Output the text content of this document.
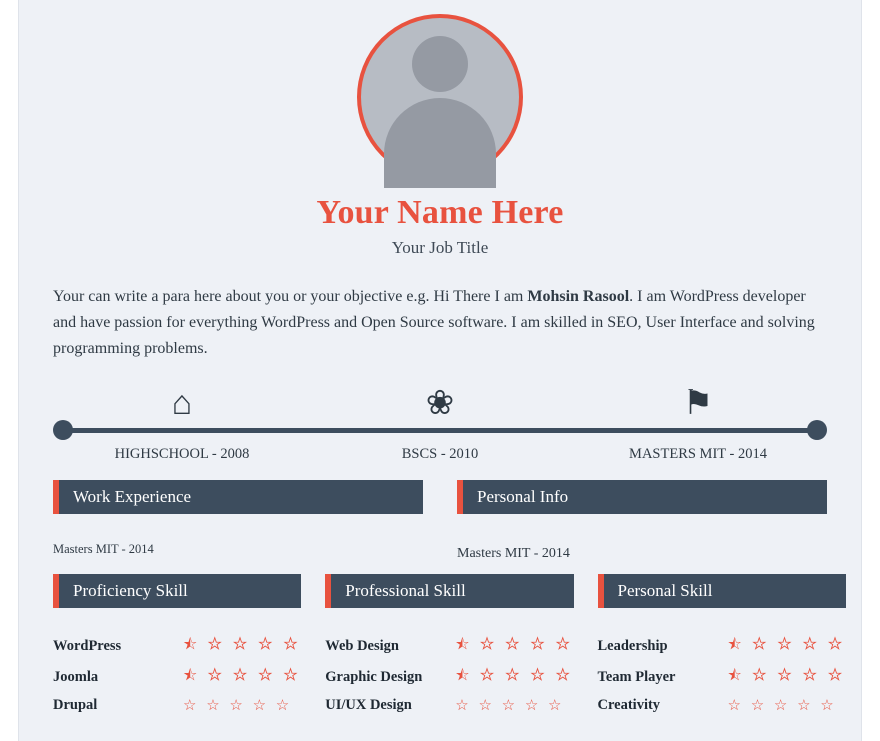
Your Name Here
Your Job Title

Your can write a para here about you or your objective e.g. Hi There I am Mohsin Rasool. I am WordPress developer and have passion for everything WordPress and Open Source software. I am skilled in SEO, User Interface and solving programming problems.

⌂
HIGHSCHOOL - 2008
❀
BSCS - 2010
⚑
MASTERS MIT - 2014
Work Experience
Masters MIT - 2014
Personal Info
Masters MIT - 2014
Proficiency Skill
WordPress	⯪ ☆ ☆ ☆ ☆
Joomla	⯪ ☆ ☆ ☆ ☆
Drupal	☆ ☆ ☆ ☆ ☆
Professional Skill
Web Design	⯪ ☆ ☆ ☆ ☆
Graphic Design	⯪ ☆ ☆ ☆ ☆
UI/UX Design	☆ ☆ ☆ ☆ ☆
Personal Skill
Leadership	⯪ ☆ ☆ ☆ ☆
Team Player	⯪ ☆ ☆ ☆ ☆
Creativity	☆ ☆ ☆ ☆ ☆
